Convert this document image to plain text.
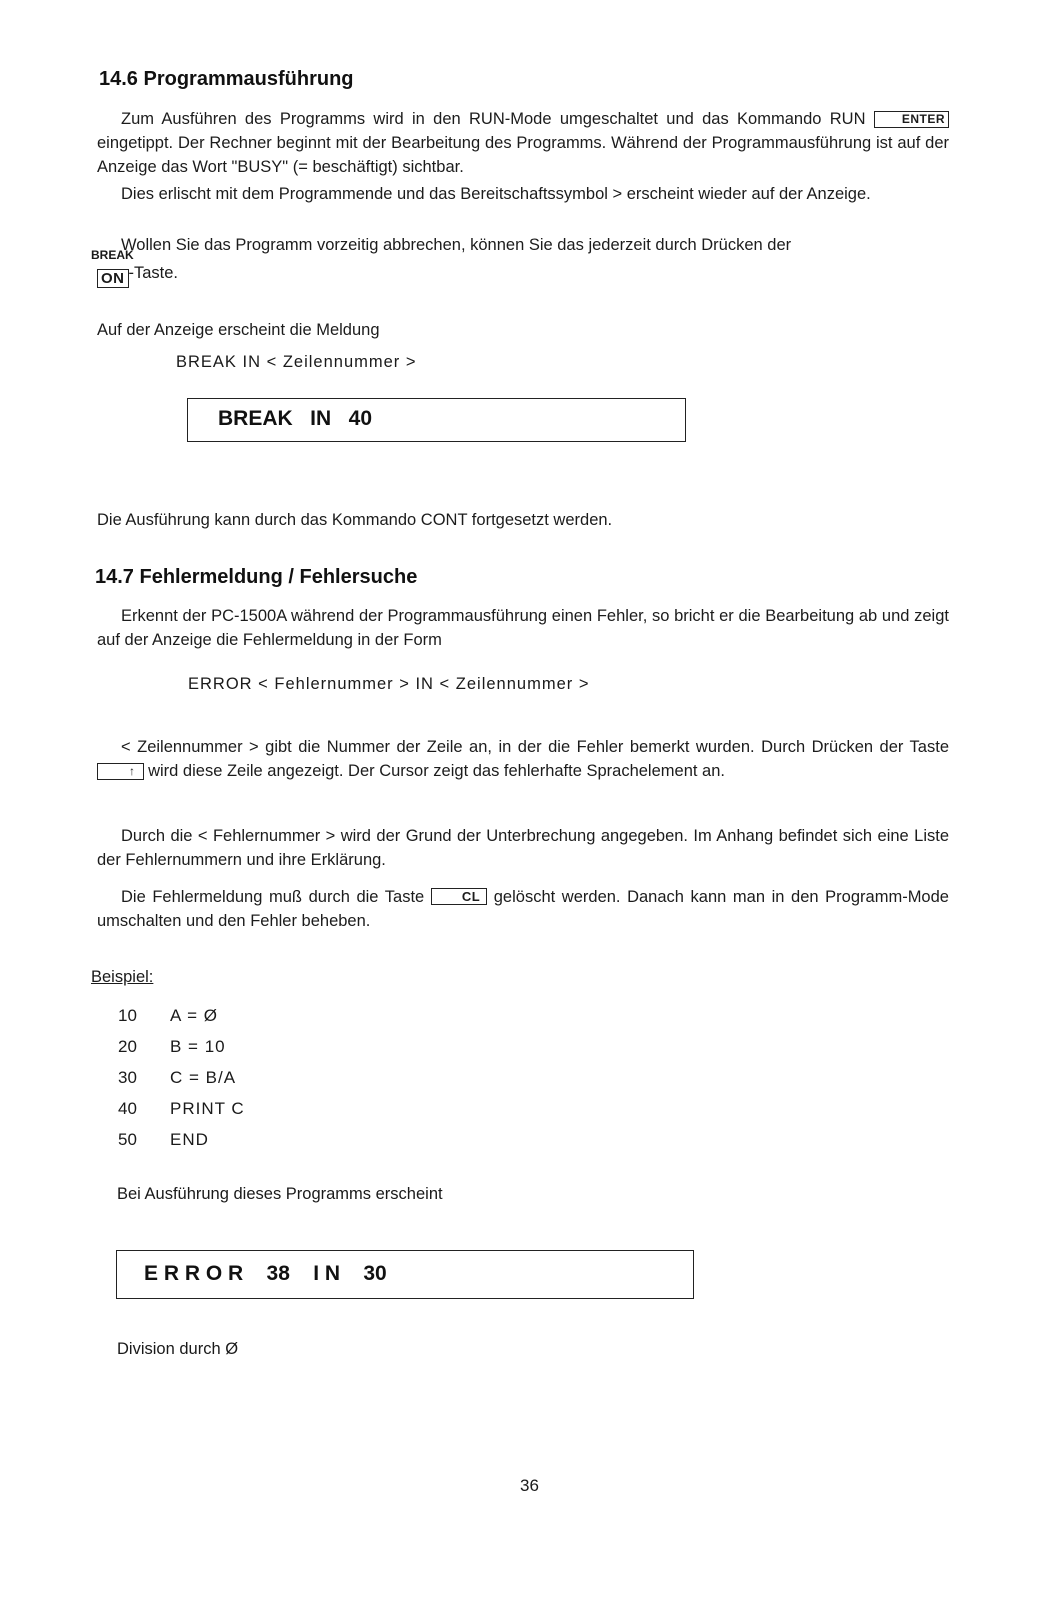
14.6 Programmausführung

Zum Ausführen des Programms wird in den RUN-Mode umgeschaltet und das Kommando RUN	ENTER eingetippt. Der Rechner beginnt mit der Bearbeitung des Programms. Während der Programmausführung ist auf der Anzeige das Wort "BUSY" (= beschäftigt) sichtbar.

Dies erlischt mit dem Programmende und das Bereitschaftssymbol > erscheint wieder auf der Anzeige.

Wollen Sie das Programm vorzeitig abbrechen, können Sie das jederzeit durch Drücken der

BREAK
ON -Taste.

Auf der Anzeige erscheint die Meldung

BREAK IN < Zeilennummer >
BREAK   IN   40

Die Ausführung kann durch das Kommando CONT fortgesetzt werden.

14.7 Fehlermeldung / Fehlersuche

Erkennt der PC-1500A während der Programmausführung einen Fehler, so bricht er die Bearbeitung ab und zeigt auf der Anzeige die Fehlermeldung in der Form

ERROR < Fehlernummer > IN < Zeilennummer >

< Zeilennummer > gibt die Nummer der Zeile an, in der die Fehler bemerkt wurden. Durch Drücken der Taste ↑ wird diese Zeile angezeigt. Der Cursor zeigt das fehlerhafte Sprachelement an.

Durch die < Fehlernummer > wird der Grund der Unterbrechung angegeben. Im Anhang befindet sich eine Liste der Fehlernummern und ihre Erklärung.

Die Fehlermeldung muß durch die Taste	CL gelöscht werden. Danach kann man in den Programm-Mode umschalten und den Fehler beheben.

Beispiel:
10	A = Ø
20	B = 10
30	C = B/A
40	PRINT C
50	END
Bei Ausführung dieses Programms erscheint
E R R O R    38    I N    30
Division durch Ø
36
